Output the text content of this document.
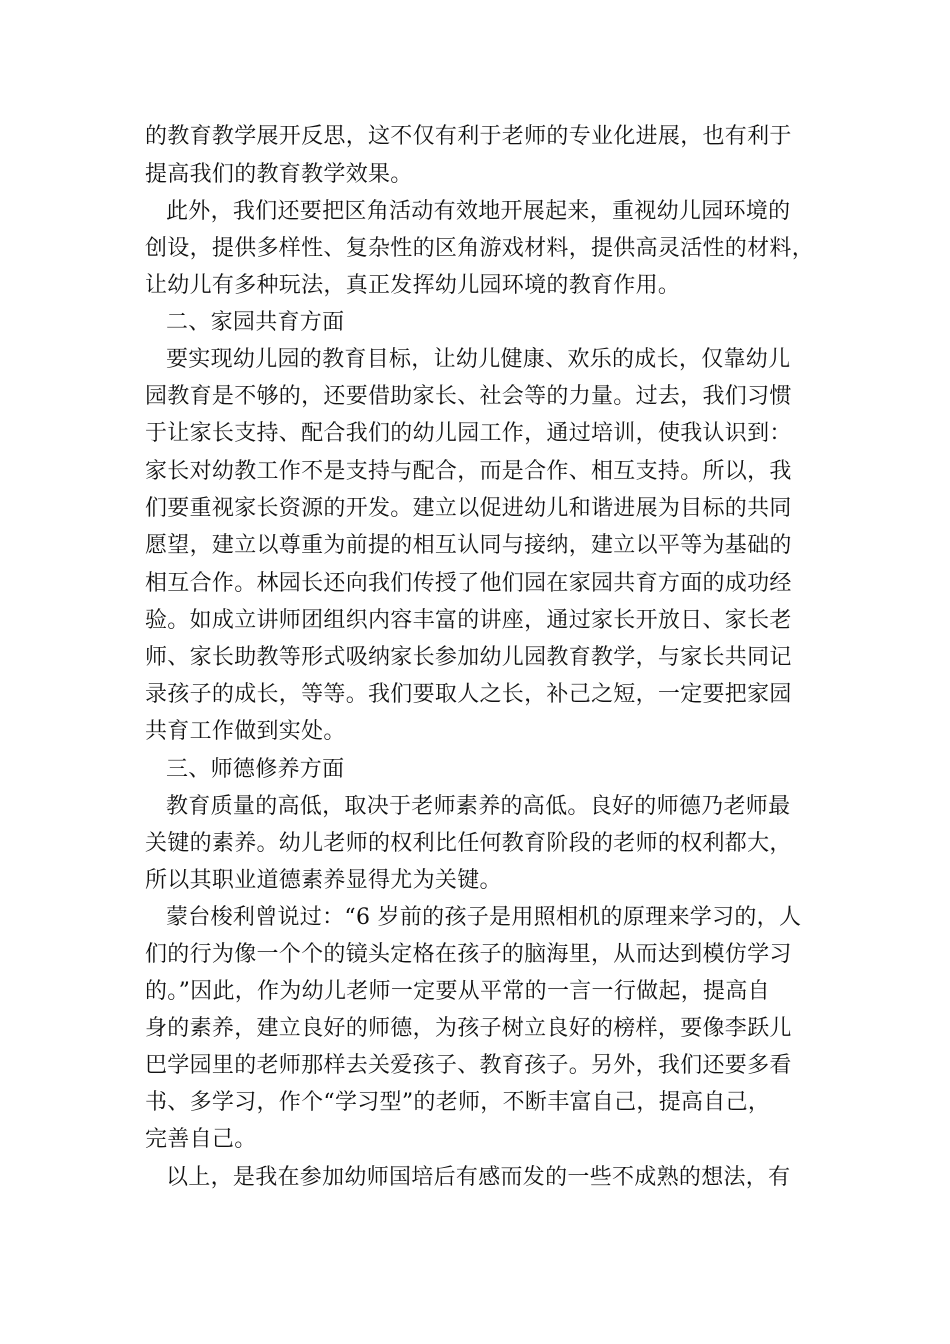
的教育教学展开反思，这不仅有利于老师的专业化进展，也有利于
提高我们的教育教学效果。
此外，我们还要把区角活动有效地开展起来，重视幼儿园环境的
创设，提供多样性、复杂性的区角游戏材料，提供高灵活性的材料，
让幼儿有多种玩法，真正发挥幼儿园环境的教育作用。
二、家园共育方面
要实现幼儿园的教育目标，让幼儿健康、欢乐的成长，仅靠幼儿
园教育是不够的，还要借助家长、社会等的力量。过去，我们习惯
于让家长支持、配合我们的幼儿园工作，通过培训，使我认识到：
家长对幼教工作不是支持与配合，而是合作、相互支持。所以，我
们要重视家长资源的开发。建立以促进幼儿和谐进展为目标的共同
愿望，建立以尊重为前提的相互认同与接纳，建立以平等为基础的
相互合作。林园长还向我们传授了他们园在家园共育方面的成功经
验。如成立讲师团组织内容丰富的讲座，通过家长开放日、家长老
师、家长助教等形式吸纳家长参加幼儿园教育教学，与家长共同记
录孩子的成长，等等。我们要取人之长，补己之短，一定要把家园
共育工作做到实处。
三、师德修养方面
教育质量的高低，取决于老师素养的高低。良好的师德乃老师最
关键的素养。幼儿老师的权利比任何教育阶段的老师的权利都大，
所以其职业道德素养显得尤为关键。
蒙台梭利曾说过：“6 岁前的孩子是用照相机的原理来学习的，人
们的行为像一个个的镜头定格在孩子的脑海里，从而达到模仿学习
的。”因此，作为幼儿老师一定要从平常的一言一行做起，提高自
身的素养，建立良好的师德，为孩子树立良好的榜样，要像李跃儿
巴学园里的老师那样去关爱孩子、教育孩子。另外，我们还要多看
书、多学习，作个“学习型”的老师，不断丰富自己，提高自己，
完善自己。
以上，是我在参加幼师国培后有感而发的一些不成熟的想法，有
